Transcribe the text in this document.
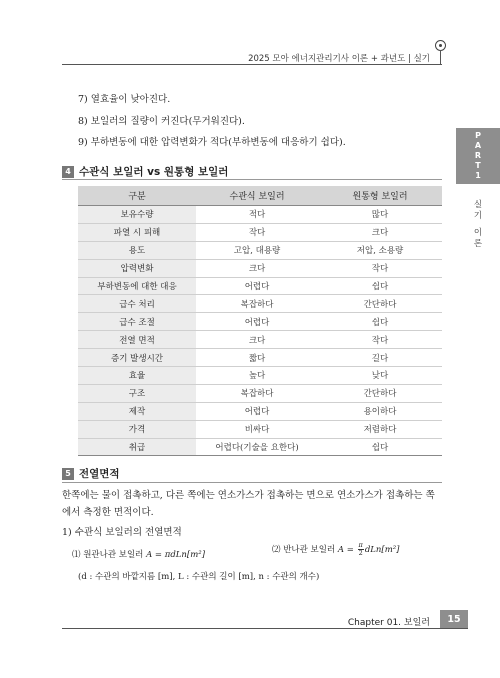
2025 모아 에너지관리기사 이론 + 과년도 | 실기
P
A
R
T
1
실
기
이
론
7) 열효율이 낮아진다.
8) 보일러의 질량이 커진다(무거워진다).
9) 부하변동에 대한 압력변화가 적다(부하변동에 대응하기 쉽다).
4 수관식 보일러 vs 원통형 보일러
구분	수관식 보일러	원통형 보일러
보유수량	적다	많다
파열 시 피해	작다	크다
용도	고압, 대용량	저압, 소용량
압력변화	크다	작다
부하변동에 대한 대응	어렵다	쉽다
급수 처리	복잡하다	간단하다
급수 조절	어렵다	쉽다
전열 면적	크다	작다
증기 발생시간	짧다	길다
효율	높다	낮다
구조	복잡하다	간단하다
제작	어렵다	용이하다
가격	비싸다	저렴하다
취급	어렵다(기술을 요한다)	쉽다
5 전열면적
한쪽에는 물이 접촉하고, 다른 쪽에는 연소가스가 접촉하는 면으로 연소가스가 접촉하는 쪽에서 측정한 면적이다.
1) 수관식 보일러의 전열면적
⑴ 원관나관 보일러 A = πdLn[m²]	⑵ 반나관 보일러 $A = \frac{\pi}{2} dLn[m^2]$
(d : 수관의 바깥지름 [m], L : 수관의 길이 [m], n : 수관의 개수)
Chapter 01. 보일러	15
